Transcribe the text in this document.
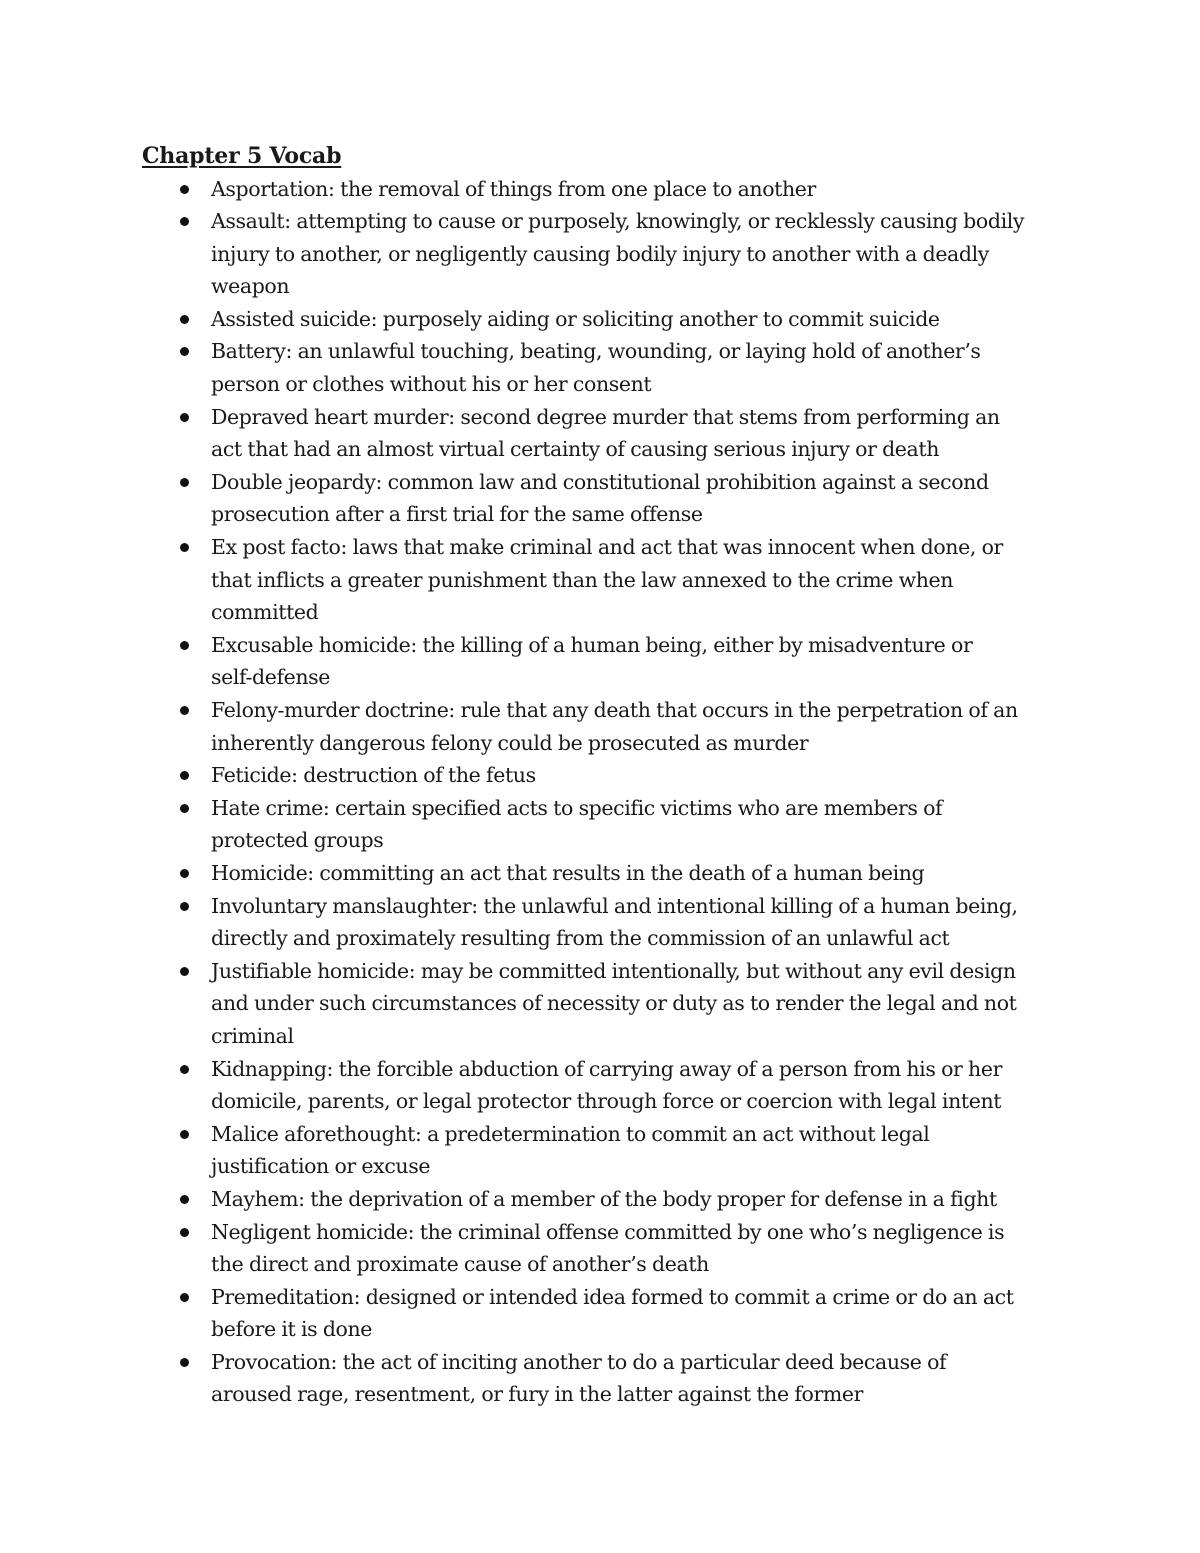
Chapter 5 Vocab
Asportation: the removal of things from one place to another
Assault: attempting to cause or purposely, knowingly, or recklessly causing bodily
injury to another, or negligently causing bodily injury to another with a deadly
weapon
Assisted suicide: purposely aiding or soliciting another to commit suicide
Battery: an unlawful touching, beating, wounding, or laying hold of another’s
person or clothes without his or her consent
Depraved heart murder: second degree murder that stems from performing an
act that had an almost virtual certainty of causing serious injury or death
Double jeopardy: common law and constitutional prohibition against a second
prosecution after a first trial for the same offense
Ex post facto: laws that make criminal and act that was innocent when done, or
that inflicts a greater punishment than the law annexed to the crime when
committed
Excusable homicide: the killing of a human being, either by misadventure or
self-defense
Felony-murder doctrine: rule that any death that occurs in the perpetration of an
inherently dangerous felony could be prosecuted as murder
Feticide: destruction of the fetus
Hate crime: certain specified acts to specific victims who are members of
protected groups
Homicide: committing an act that results in the death of a human being
Involuntary manslaughter: the unlawful and intentional killing of a human being,
directly and proximately resulting from the commission of an unlawful act
Justifiable homicide: may be committed intentionally, but without any evil design
and under such circumstances of necessity or duty as to render the legal and not
criminal
Kidnapping: the forcible abduction of carrying away of a person from his or her
domicile, parents, or legal protector through force or coercion with legal intent
Malice aforethought: a predetermination to commit an act without legal
justification or excuse
Mayhem: the deprivation of a member of the body proper for defense in a fight
Negligent homicide: the criminal offense committed by one who’s negligence is
the direct and proximate cause of another’s death
Premeditation: designed or intended idea formed to commit a crime or do an act
before it is done
Provocation: the act of inciting another to do a particular deed because of
aroused rage, resentment, or fury in the latter against the former
